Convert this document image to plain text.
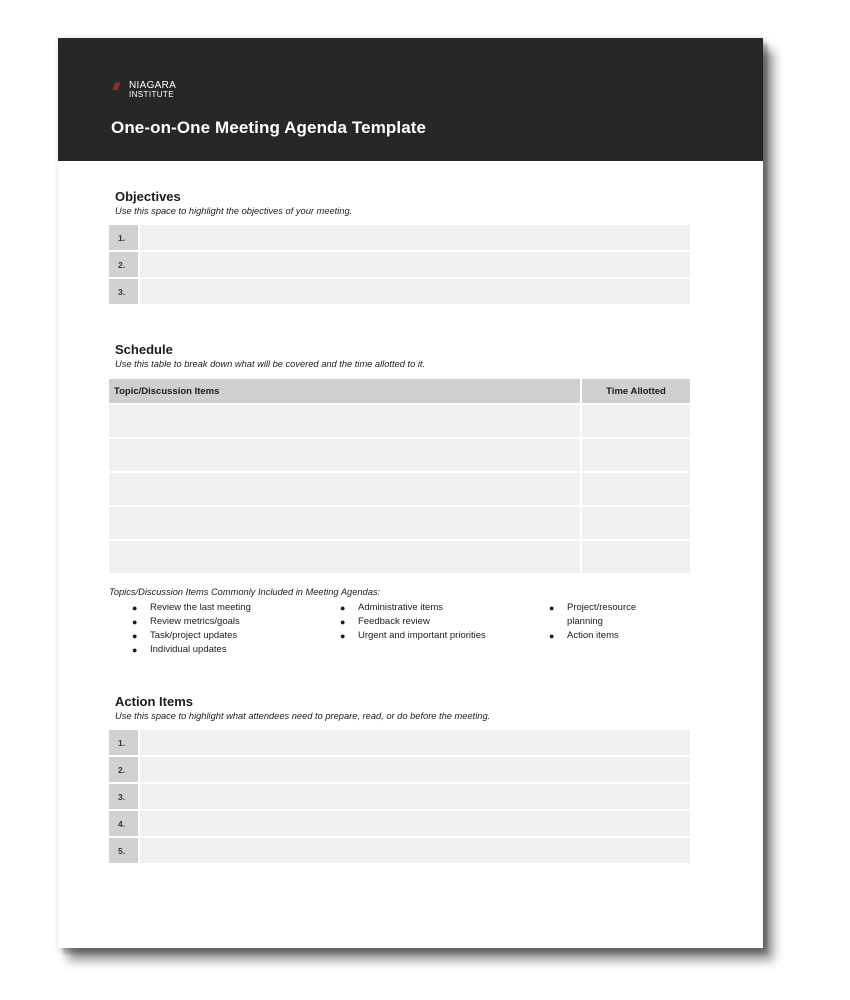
/// NIAGARA
INSTITUTE
One-on-One Meeting Agenda Template
Objectives
Use this space to highlight the objectives of your meeting.
1.
2.
3.
Schedule
Use this table to break down what will be covered and the time allotted to it.
Topic/Discussion Items	Time Allotted
Topics/Discussion Items Commonly Included in Meeting Agendas:
● Review the last meeting
● Review metrics/goals
● Task/project updates
● Individual updates
● Administrative items
● Feedback review
● Urgent and important priorities
● Project/resource planning
● Action items
Action Items
Use this space to highlight what attendees need to prepare, read, or do before the meeting.
1.
2.
3.
4.
5.
